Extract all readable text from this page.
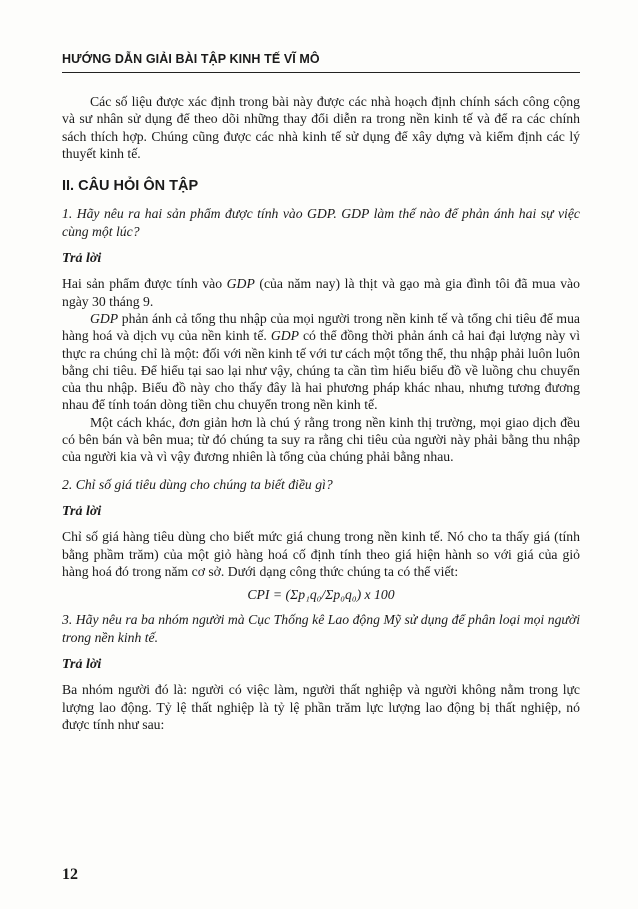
HƯỚNG DẪN GIẢI BÀI TẬP KINH TẾ VĨ MÔ

Các số liệu được xác định trong bài này được các nhà hoạch định chính sách công cộng và sư nhân sử dụng để theo dõi những thay đổi diễn ra trong nền kinh tế và để ra các chính sách thích hợp. Chúng cũng được các nhà kinh tế sử dụng để xây dựng và kiểm định các lý thuyết kinh tế.

II. CÂU HỎI ÔN TẬP

1. Hãy nêu ra hai sản phẩm được tính vào GDP. GDP làm thế nào để phản ánh hai sự việc cùng một lúc?

Trả lời

Hai sản phẩm được tính vào GDP (của năm nay) là thịt và gạo mà gia đình tôi đã mua vào ngày 30 tháng 9.

GDP phản ánh cả tổng thu nhập của mọi người trong nền kinh tế và tổng chi tiêu để mua hàng hoá và dịch vụ của nền kinh tế. GDP có thể đồng thời phản ánh cả hai đại lượng này vì thực ra chúng chỉ là một: đối với nền kinh tế với tư cách một tổng thể, thu nhập phải luôn luôn bằng chi tiêu. Để hiểu tại sao lại như vậy, chúng ta cần tìm hiểu biểu đồ về luồng chu chuyển của thu nhập. Biểu đồ này cho thấy đây là hai phương pháp khác nhau, nhưng tương đương nhau để tính toán dòng tiền chu chuyển trong nền kinh tế.

Một cách khác, đơn giản hơn là chú ý rằng trong nền kinh thị trường, mọi giao dịch đều có bên bán và bên mua; từ đó chúng ta suy ra rằng chi tiêu của người này phải bằng thu nhập của người kia và vì vậy đương nhiên là tổng của chúng phải bằng nhau.

2. Chỉ số giá tiêu dùng cho chúng ta biết điều gì?

Trả lời

Chỉ số giá hàng tiêu dùng cho biết mức giá chung trong nền kinh tế. Nó cho ta thấy giá (tính bằng phầm trăm) của một giỏ hàng hoá cố định tính theo giá hiện hành so với giá của giỏ hàng hoá đó trong năm cơ sở. Dưới dạng công thức chúng ta có thể viết:

CPI = (Σp₁q₀/Σp₀q₀) x 100

3. Hãy nêu ra ba nhóm người mà Cục Thống kê Lao động Mỹ sử dụng để phân loại mọi người trong nền kinh tế.

Trả lời

Ba nhóm người đó là: người có việc làm, người thất nghiệp và người không nằm trong lực lượng lao động. Tỷ lệ thất nghiệp là tỷ lệ phần trăm lực lượng lao động bị thất nghiệp, nó được tính như sau:

12
